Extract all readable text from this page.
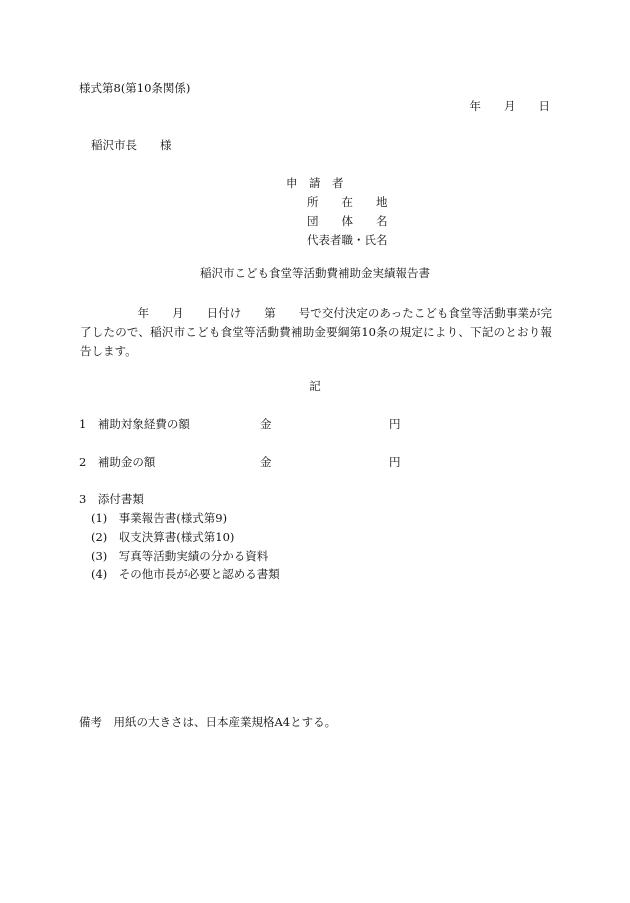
様式第8(第10条関係)
年　　月　　日
稲沢市長　　様
申　請　者
所　　在　　地
団　　体　　名
代表者職・氏名
稲沢市こども食堂等活動費補助金実績報告書
　　　　　年　　月　　日付け　　第　　号で交付決定のあったこども食堂等活動事業が完了したので、稲沢市こども食堂等活動費補助金要綱第10条の規定により、下記のとおり報告します。
記
1　補助対象経費の額	金	円
2　補助金の額	金	円
3　添付書類
(1)　事業報告書(様式第9)
(2)　収支決算書(様式第10)
(3)　写真等活動実績の分かる資料
(4)　その他市長が必要と認める書類
備考　用紙の大きさは、日本産業規格A4とする。
